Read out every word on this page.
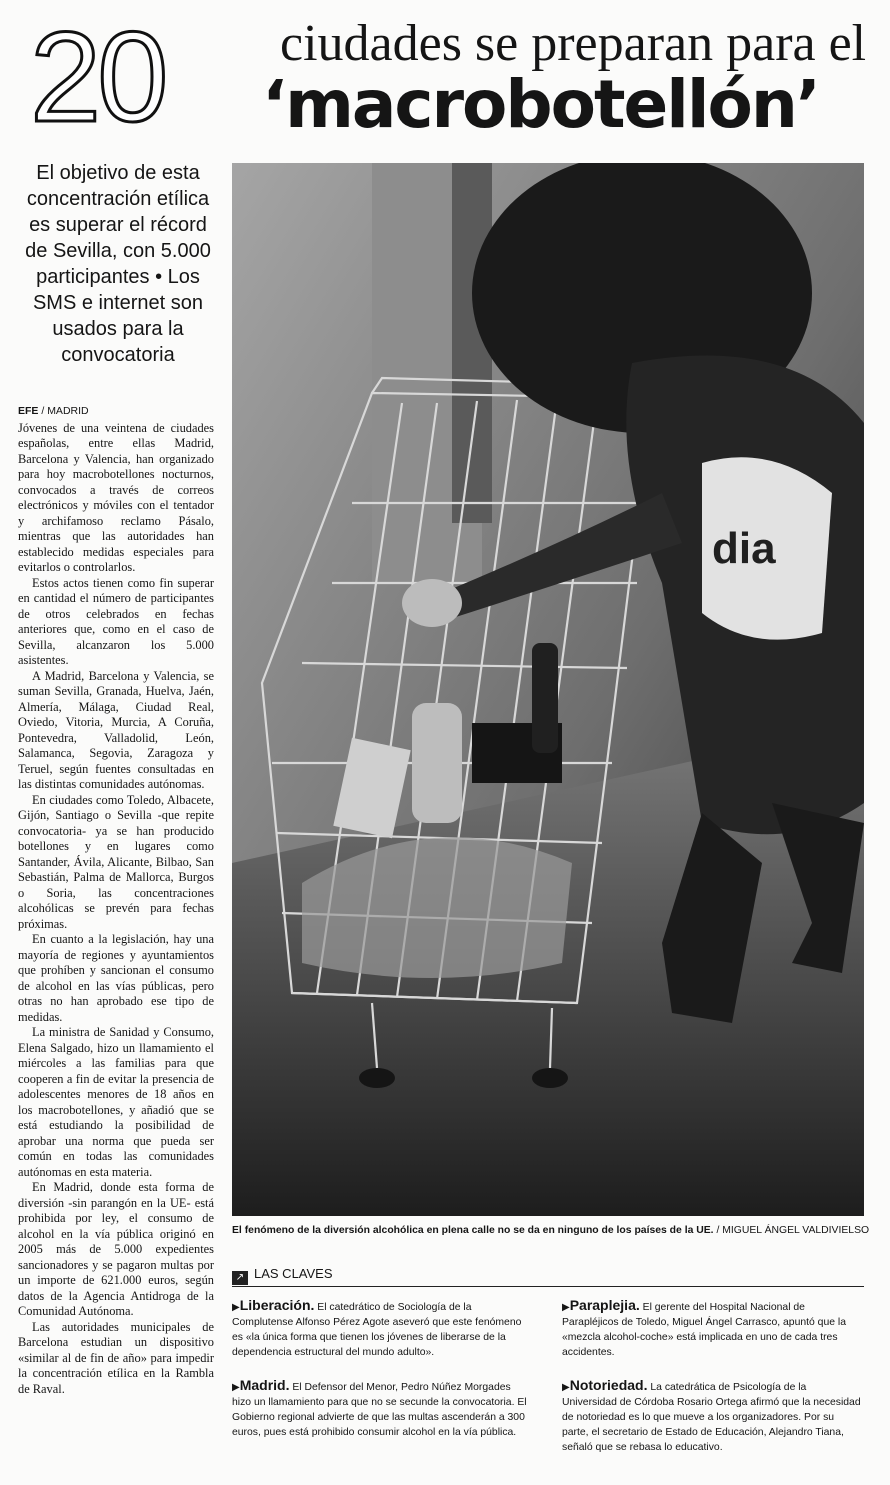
20 ciudades se preparan para el
‘macrobotellón’
El objetivo de esta concentración etílica es superar el récord de Sevilla, con 5.000 participantes • Los SMS e internet son usados para la convocatoria
EFE / MADRID

Jóvenes de una veintena de ciudades españolas, entre ellas Madrid, Barcelona y Valencia, han organizado para hoy macrobotellones nocturnos, convocados a través de correos electrónicos y móviles con el tentador y archifamoso reclamo Pásalo, mientras que las autoridades han establecido medidas especiales para evitarlos o controlarlos.

Estos actos tienen como fin superar en cantidad el número de participantes de otros celebrados en fechas anteriores que, como en el caso de Sevilla, alcanzaron los 5.000 asistentes.

A Madrid, Barcelona y Valencia, se suman Sevilla, Granada, Huelva, Jaén, Almería, Málaga, Ciudad Real, Oviedo, Vitoria, Murcia, A Coruña, Pontevedra, Valladolid, León, Salamanca, Segovia, Zaragoza y Teruel, según fuentes consultadas en las distintas comunidades autónomas.

En ciudades como Toledo, Albacete, Gijón, Santiago o Sevilla -que repite convocatoria- ya se han producido botellones y en lugares como Santander, Ávila, Alicante, Bilbao, San Sebastián, Palma de Mallorca, Burgos o Soria, las concentraciones alcohólicas se prevén para fechas próximas.

En cuanto a la legislación, hay una mayoría de regiones y ayuntamientos que prohíben y sancionan el consumo de alcohol en las vías públicas, pero otras no han aprobado ese tipo de medidas.

La ministra de Sanidad y Consumo, Elena Salgado, hizo un llamamiento el miércoles a las familias para que cooperen a fin de evitar la presencia de adolescentes menores de 18 años en los macrobotellones, y añadió que se está estudiando la posibilidad de aprobar una norma que pueda ser común en todas las comunidades autónomas en esta materia.

En Madrid, donde esta forma de diversión -sin parangón en la UE- está prohibida por ley, el consumo de alcohol en la vía pública originó en 2005 más de 5.000 expedientes sancionadores y se pagaron multas por un importe de 621.000 euros, según datos de la Agencia Antidroga de la Comunidad Autónoma.

Las autoridades municipales de Barcelona estudian un dispositivo «similar al de fin de año» para impedir la concentración etílica en la Rambla de Raval.

dia
El fenómeno de la diversión alcohólica en plena calle no se da en ninguno de los países de la UE. / MIGUEL ÁNGEL VALDIVIELSO
↗ LAS CLAVES
▶Liberación. El catedrático de Sociología de la Complutense Alfonso Pérez Agote aseveró que este fenómeno es «la única forma que tienen los jóvenes de liberarse de la dependencia estructural del mundo adulto».
▶Paraplejia. El gerente del Hospital Nacional de Parapléjicos de Toledo, Miguel Ángel Carrasco, apuntó que la «mezcla alcohol-coche» está implicada en uno de cada tres accidentes.
▶Madrid. El Defensor del Menor, Pedro Núñez Morgades hizo un llamamiento para que no se secunde la convocatoria. El Gobierno regional advierte de que las multas ascenderán a 300 euros, pues está prohibido consumir alcohol en la vía pública.
▶Notoriedad. La catedrática de Psicología de la Universidad de Córdoba Rosario Ortega afirmó que la necesidad de notoriedad es lo que mueve a los organizadores. Por su parte, el secretario de Estado de Educación, Alejandro Tiana, señaló que se rebasa lo educativo.
